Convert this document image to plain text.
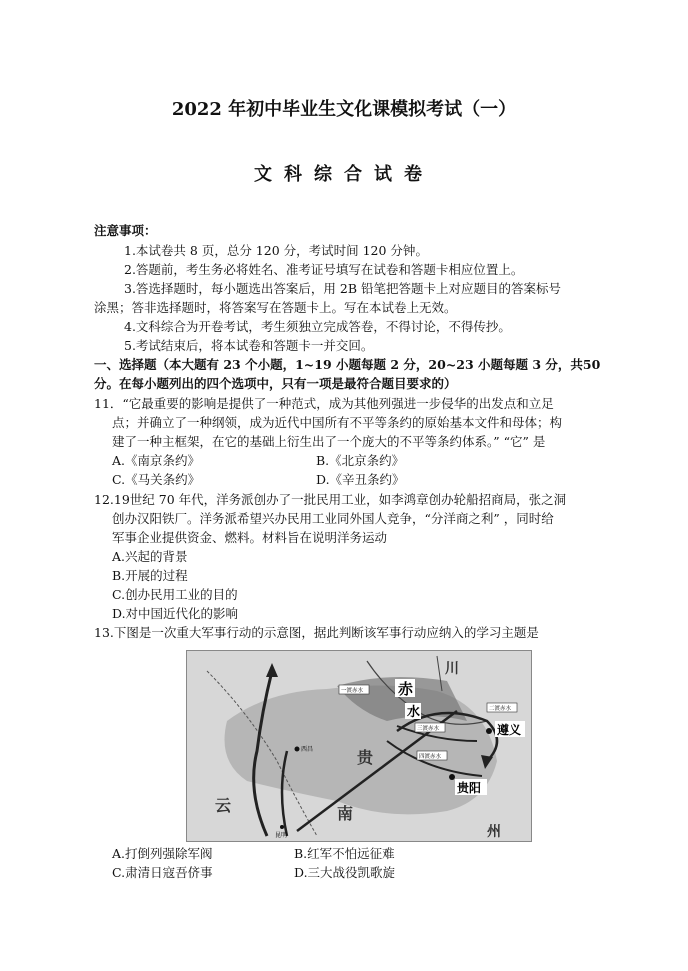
2022 年初中毕业生文化课模拟考试（一）
文科综合试卷
注意事项：
1.本试卷共 8 页，总分 120 分，考试时间 120 分钟。
2.答题前，考生务必将姓名、准考证号填写在试卷和答题卡相应位置上。
3.答选择题时，每小题选出答案后，用 2B 铅笔把答题卡上对应题目的答案标号
涂黑；答非选择题时，将答案写在答题卡上。写在本试卷上无效。
4.文科综合为开卷考试，考生须独立完成答卷，不得讨论，不得传抄。
5.考试结束后，将本试卷和答题卡一并交回。
一、选择题（本大题有 23 个小题，1~19 小题每题 2 分，20~23 小题每题 3 分，共50
分。在每小题列出的四个选项中，只有一项是最符合题目要求的）
11．“它最重要的影响是提供了一种范式，成为其他列强进一步侵华的出发点和立足
点；并确立了一种纲领，成为近代中国所有不平等条约的原始基本文件和母体；构
建了一种主框架，在它的基础上衍生出了一个庞大的不平等条约体系。” “它” 是
A.《南京条约》	B.《北京条约》
C.《马关条约》	D.《辛丑条约》
12.19世纪 70 年代，洋务派创办了一批民用工业，如李鸿章创办轮船招商局，张之洞
创办汉阳铁厂。洋务派希望兴办民用工业同外国人竞争，“分洋商之利” ，同时给
军事企业提供资金、燃料。材料旨在说明洋务运动
A.兴起的背景
B.开展的过程
C.创办民用工业的目的
D.对中国近代化的影响
13.下图是一次重大军事行动的示意图，据此判断该军事行动应纳入的学习主题是
一渡赤水
二渡赤水
三渡赤水
四渡赤水
赤
水
遵义
贵阳
贵
州
云	南
川
昆明
西昌
A.打倒列强除军阀	B.红军不怕远征难
C.肃清日寇吾侪事	D.三大战役凯歌旋
